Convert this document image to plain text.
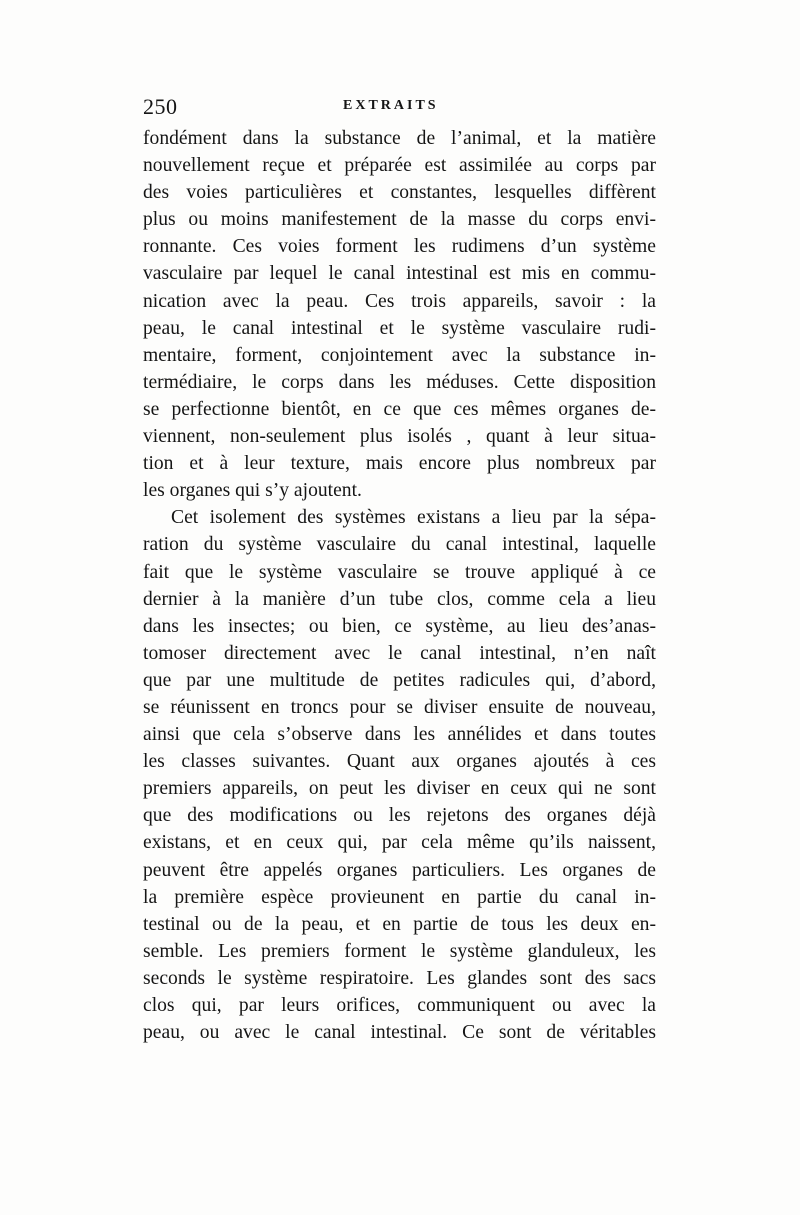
250	EXTRAITS
fondément dans la substance de l’animal, et la matière
nouvellement reçue et préparée est assimilée au corps par
des voies particulières et constantes, lesquelles diffèrent
plus ou moins manifestement de la masse du corps envi-
ronnante. Ces voies forment les rudimens d’un système
vasculaire par lequel le canal intestinal est mis en commu-
nication avec la peau. Ces trois appareils, savoir : la
peau, le canal intestinal et le système vasculaire rudi-
mentaire, forment, conjointement avec la substance in-
termédiaire, le corps dans les méduses. Cette disposition
se perfectionne bientôt, en ce que ces mêmes organes de-
viennent, non-seulement plus isolés , quant à leur situa-
tion et à leur texture, mais encore plus nombreux par
les organes qui s’y ajoutent.
Cet isolement des systèmes existans a lieu par la sépa-
ration du système vasculaire du canal intestinal, laquelle
fait que le système vasculaire se trouve appliqué à ce
dernier à la manière d’un tube clos, comme cela a lieu
dans les insectes; ou bien, ce système, au lieu des’anas-
tomoser directement avec le canal intestinal, n’en naît
que par une multitude de petites radicules qui, d’abord,
se réunissent en troncs pour se diviser ensuite de nouveau,
ainsi que cela s’observe dans les annélides et dans toutes
les classes suivantes. Quant aux organes ajoutés à ces
premiers appareils, on peut les diviser en ceux qui ne sont
que des modifications ou les rejetons des organes déjà
existans, et en ceux qui, par cela même qu’ils naissent,
peuvent être appelés organes particuliers. Les organes de
la première espèce provieunent en partie du canal in-
testinal ou de la peau, et en partie de tous les deux en-
semble. Les premiers forment le système glanduleux, les
seconds le système respiratoire. Les glandes sont des sacs
clos qui, par leurs orifices, communiquent ou avec la
peau, ou avec le canal intestinal. Ce sont de véritables
